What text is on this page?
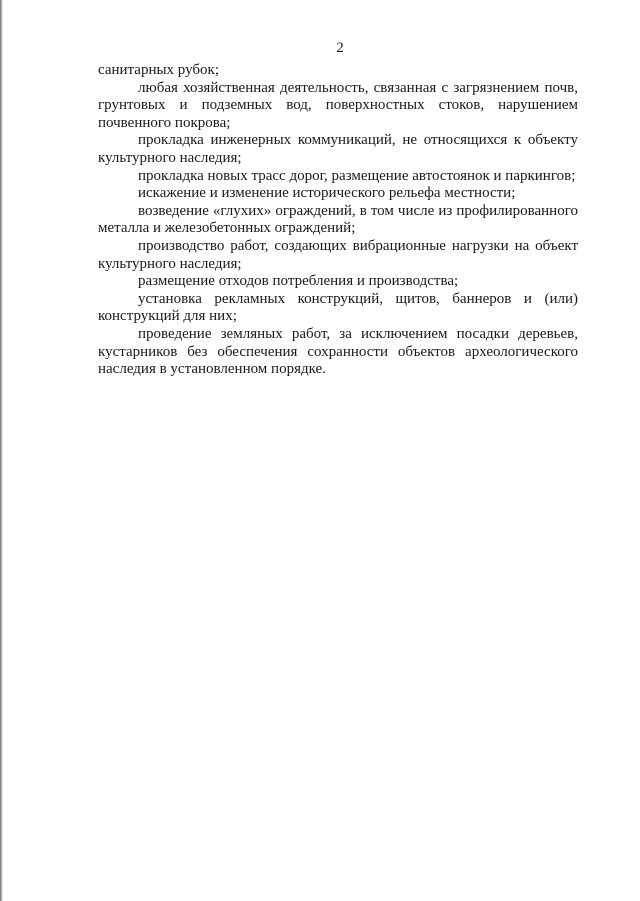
2

санитарных рубок;

любая хозяйственная деятельность, связанная с загрязнением почв, грунтовых и подземных вод, поверхностных стоков, нарушением почвенного покрова;

прокладка инженерных коммуникаций, не относящихся к объекту культурного наследия;

прокладка новых трасс дорог, размещение автостоянок и паркингов;

искажение и изменение исторического рельефа местности;

возведение «глухих» ограждений, в том числе из профилированного металла и железобетонных ограждений;

производство работ, создающих вибрационные нагрузки на объект культурного наследия;

размещение отходов потребления и производства;

установка рекламных конструкций, щитов, баннеров и (или) конструкций для них;

проведение земляных работ, за исключением посадки деревьев, кустарников без обеспечения сохранности объектов археологического наследия в установленном порядке.
